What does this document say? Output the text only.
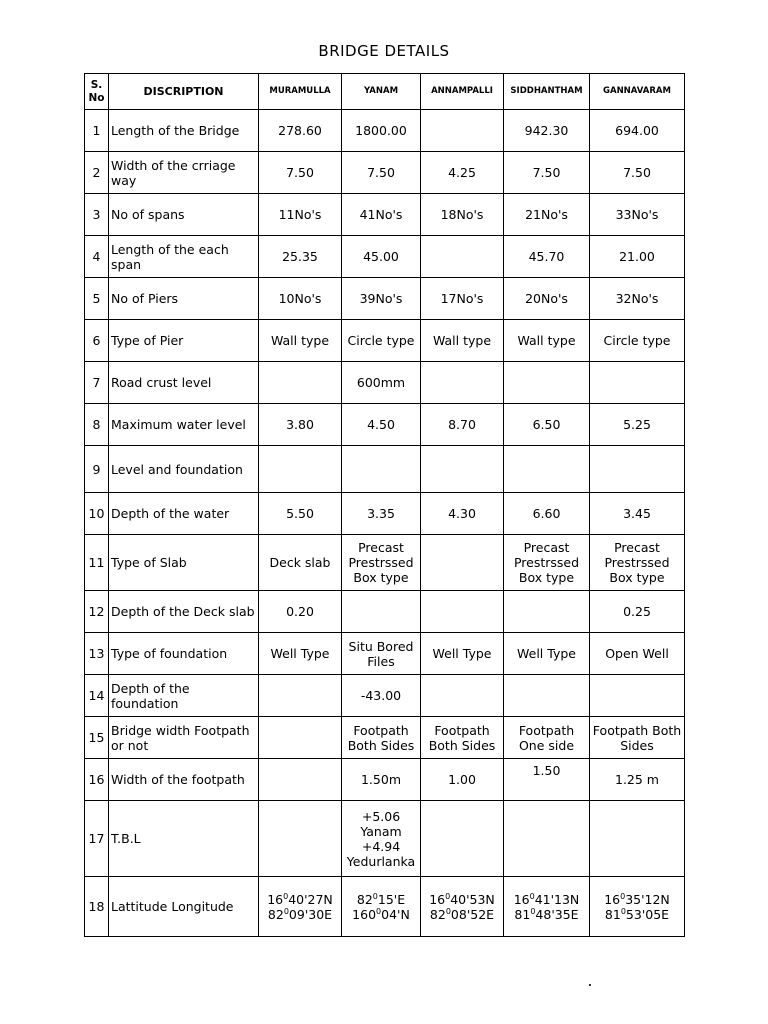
BRIDGE DETAILS
S.
No	DISCRIPTION	MURAMULLA	YANAM	ANNAMPALLI	SIDDHANTHAM	GANNAVARAM
1	Length of the Bridge	278.60	1800.00		942.30	694.00
2	Width of the crriage way	7.50	7.50	4.25	7.50	7.50
3	No of spans	11No's	41No's	18No's	21No's	33No's
4	Length of the each span	25.35	45.00		45.70	21.00
5	No of Piers	10No's	39No's	17No's	20No's	32No's
6	Type of Pier	Wall type	Circle type	Wall type	Wall type	Circle type
7	Road crust level		600mm			
8	Maximum water level	3.80	4.50	8.70	6.50	5.25
9	Level and foundation					
10	Depth of the water	5.50	3.35	4.30	6.60	3.45
11	Type of Slab	Deck slab	Precast
Prestrssed
Box type		Precast
Prestrssed
Box type	Precast
Prestrssed
Box type
12	Depth of the Deck slab	0.20				0.25
13	Type of foundation	Well Type	Situ Bored
Files	Well Type	Well Type	Open Well
14	Depth of the
foundation		-43.00			
15	Bridge width Footpath
or not		Footpath
Both Sides	Footpath
Both Sides	Footpath
One side	Footpath Both
Sides
16	Width of the footpath		1.50m	1.00	1.50	1.25 m
17	T.B.L		+5.06
Yanam
+4.94
Yedurlanka			
18	Lattitude Longitude	$16^040'27N$
$82^009'30E$	$82^015'E$
$160^004'N$	$16^040'53N$
$82^008'52E$	$16^041'13N$
$81^048'35E$	$16^035'12N$
$81^053'05E$
